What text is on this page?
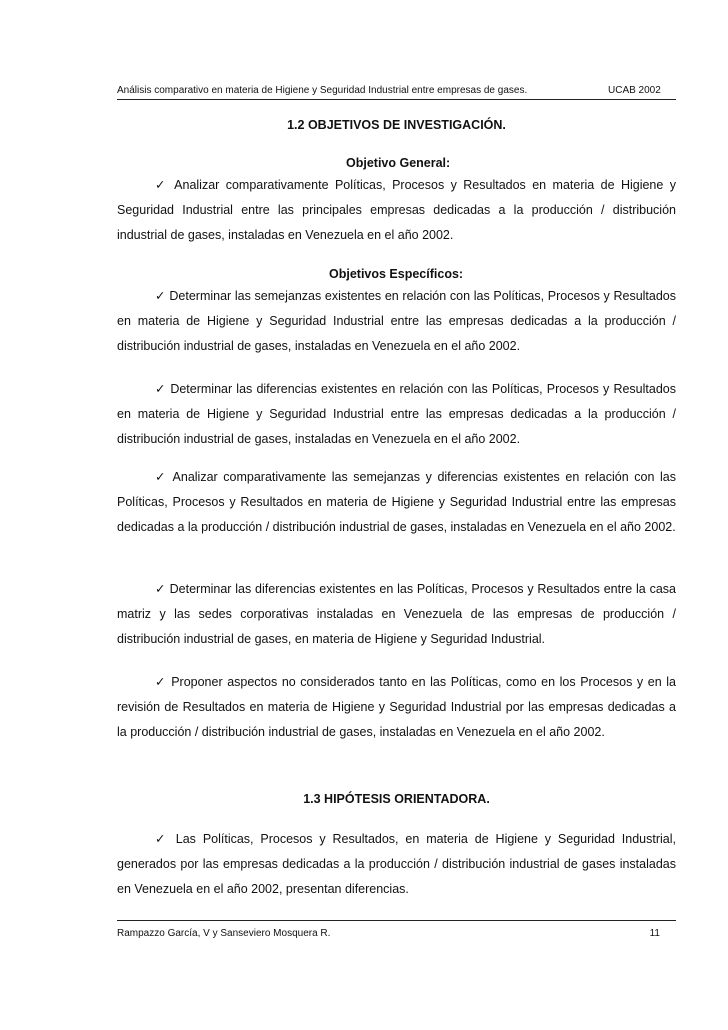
Análisis comparativo en materia de Higiene y Seguridad Industrial entre empresas de gases.	UCAB 2002
1.2 OBJETIVOS DE INVESTIGACIÓN.
Objetivo General:
✓ Analizar comparativamente Políticas, Procesos y Resultados en materia de Higiene y Seguridad Industrial entre las principales empresas dedicadas a la producción / distribución industrial de gases, instaladas en Venezuela en el año 2002.
Objetivos Específicos:
✓ Determinar las semejanzas existentes en relación con las Políticas, Procesos y Resultados en materia de Higiene y Seguridad Industrial entre las empresas dedicadas a la producción / distribución industrial de gases, instaladas en Venezuela en el año 2002.
✓ Determinar las diferencias existentes en relación con las Políticas, Procesos y Resultados en materia de Higiene y Seguridad Industrial entre las empresas dedicadas a la producción / distribución industrial de gases, instaladas en Venezuela en el año 2002.
✓ Analizar comparativamente las semejanzas y diferencias existentes en relación con las Políticas, Procesos y Resultados en materia de Higiene y Seguridad Industrial entre las empresas dedicadas a la producción / distribución industrial de gases, instaladas en Venezuela en el año 2002.
✓ Determinar las diferencias existentes en las Políticas, Procesos y Resultados entre la casa matriz y las sedes corporativas instaladas en Venezuela de las empresas de producción / distribución industrial de gases, en materia de Higiene y Seguridad Industrial.
✓ Proponer aspectos no considerados tanto en las Políticas, como en los Procesos y en la revisión de Resultados en materia de Higiene y Seguridad Industrial por las empresas dedicadas a la producción / distribución industrial de gases, instaladas en Venezuela en el año 2002.
1.3 HIPÓTESIS ORIENTADORA.
✓ Las Políticas, Procesos y Resultados, en materia de Higiene y Seguridad Industrial, generados por las empresas dedicadas a la producción / distribución industrial de gases instaladas en Venezuela en el año 2002, presentan diferencias.
Rampazzo García, V y Sanseviero Mosquera R.	11
